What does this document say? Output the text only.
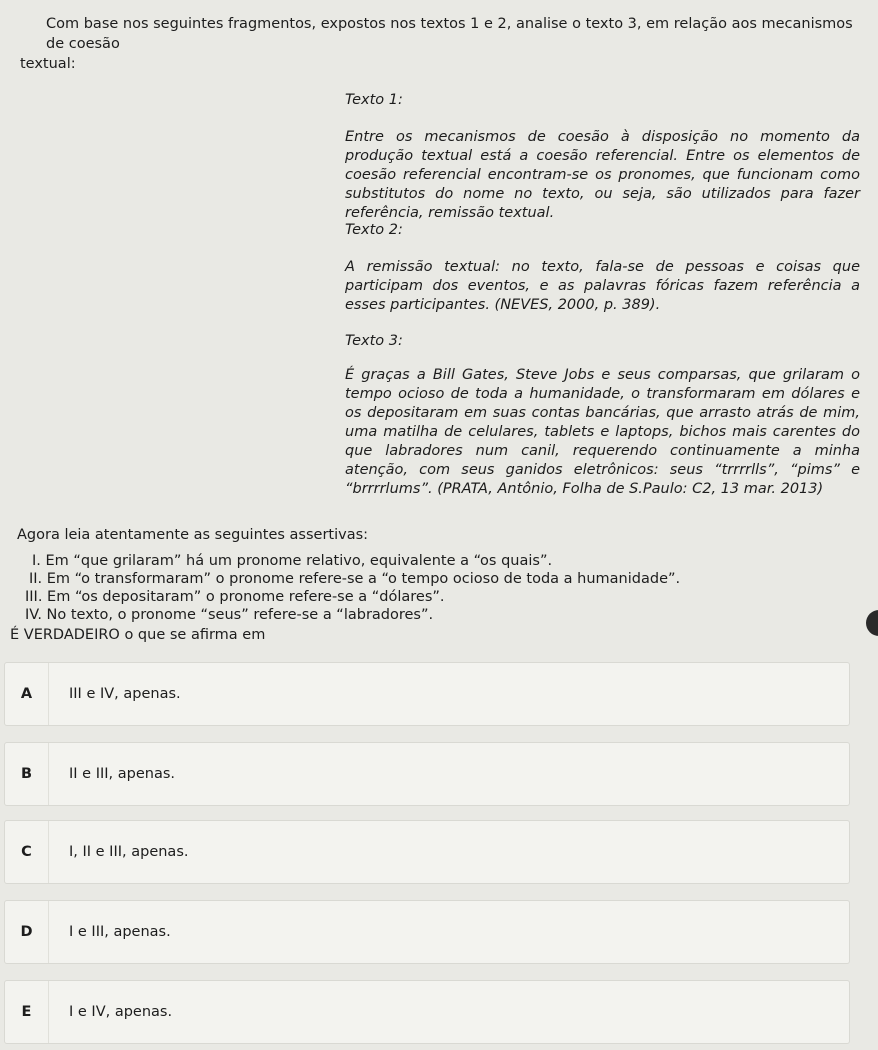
Com base nos seguintes fragmentos, expostos nos textos 1 e 2, analise o texto 3, em relação aos mecanismos de coesão
textual:
Texto 1:
Entre os mecanismos de coesão à disposição no momento da produção textual está a coesão referencial. Entre os elementos de coesão referencial encontram-se os pronomes, que funcionam como substitutos do nome no texto, ou seja, são utilizados para fazer referência, remissão textual.
Texto 2:
A remissão textual: no texto, fala-se de pessoas e coisas que participam dos eventos, e as palavras fóricas fazem referência a esses participantes. (NEVES, 2000, p. 389).
Texto 3:
É graças a Bill Gates, Steve Jobs e seus comparsas, que grilaram o tempo ocioso de toda a humanidade, o transformaram em dólares e os depositaram em suas contas bancárias, que arrasto atrás de mim, uma matilha de celulares, tablets e laptops, bichos mais carentes do que labradores num canil, requerendo continuamente a minha atenção, com seus ganidos eletrônicos: seus “trrrrlls”, “pims” e “brrrrlums”. (PRATA, Antônio, Folha de S.Paulo: C2, 13 mar. 2013)
Agora leia atentamente as seguintes assertivas:
I. Em “que grilaram” há um pronome relativo, equivalente a “os quais”.
II. Em “o transformaram” o pronome refere-se a “o tempo ocioso de toda a humanidade”.
III. Em “os depositaram” o pronome refere-se a “dólares”.
IV. No texto, o pronome “seus” refere-se a “labradores”.
É VERDADEIRO o que se afirma em
A	III e IV, apenas.
B	II e III, apenas.
C	I, II e III, apenas.
D	I e III, apenas.
E	I e IV, apenas.
